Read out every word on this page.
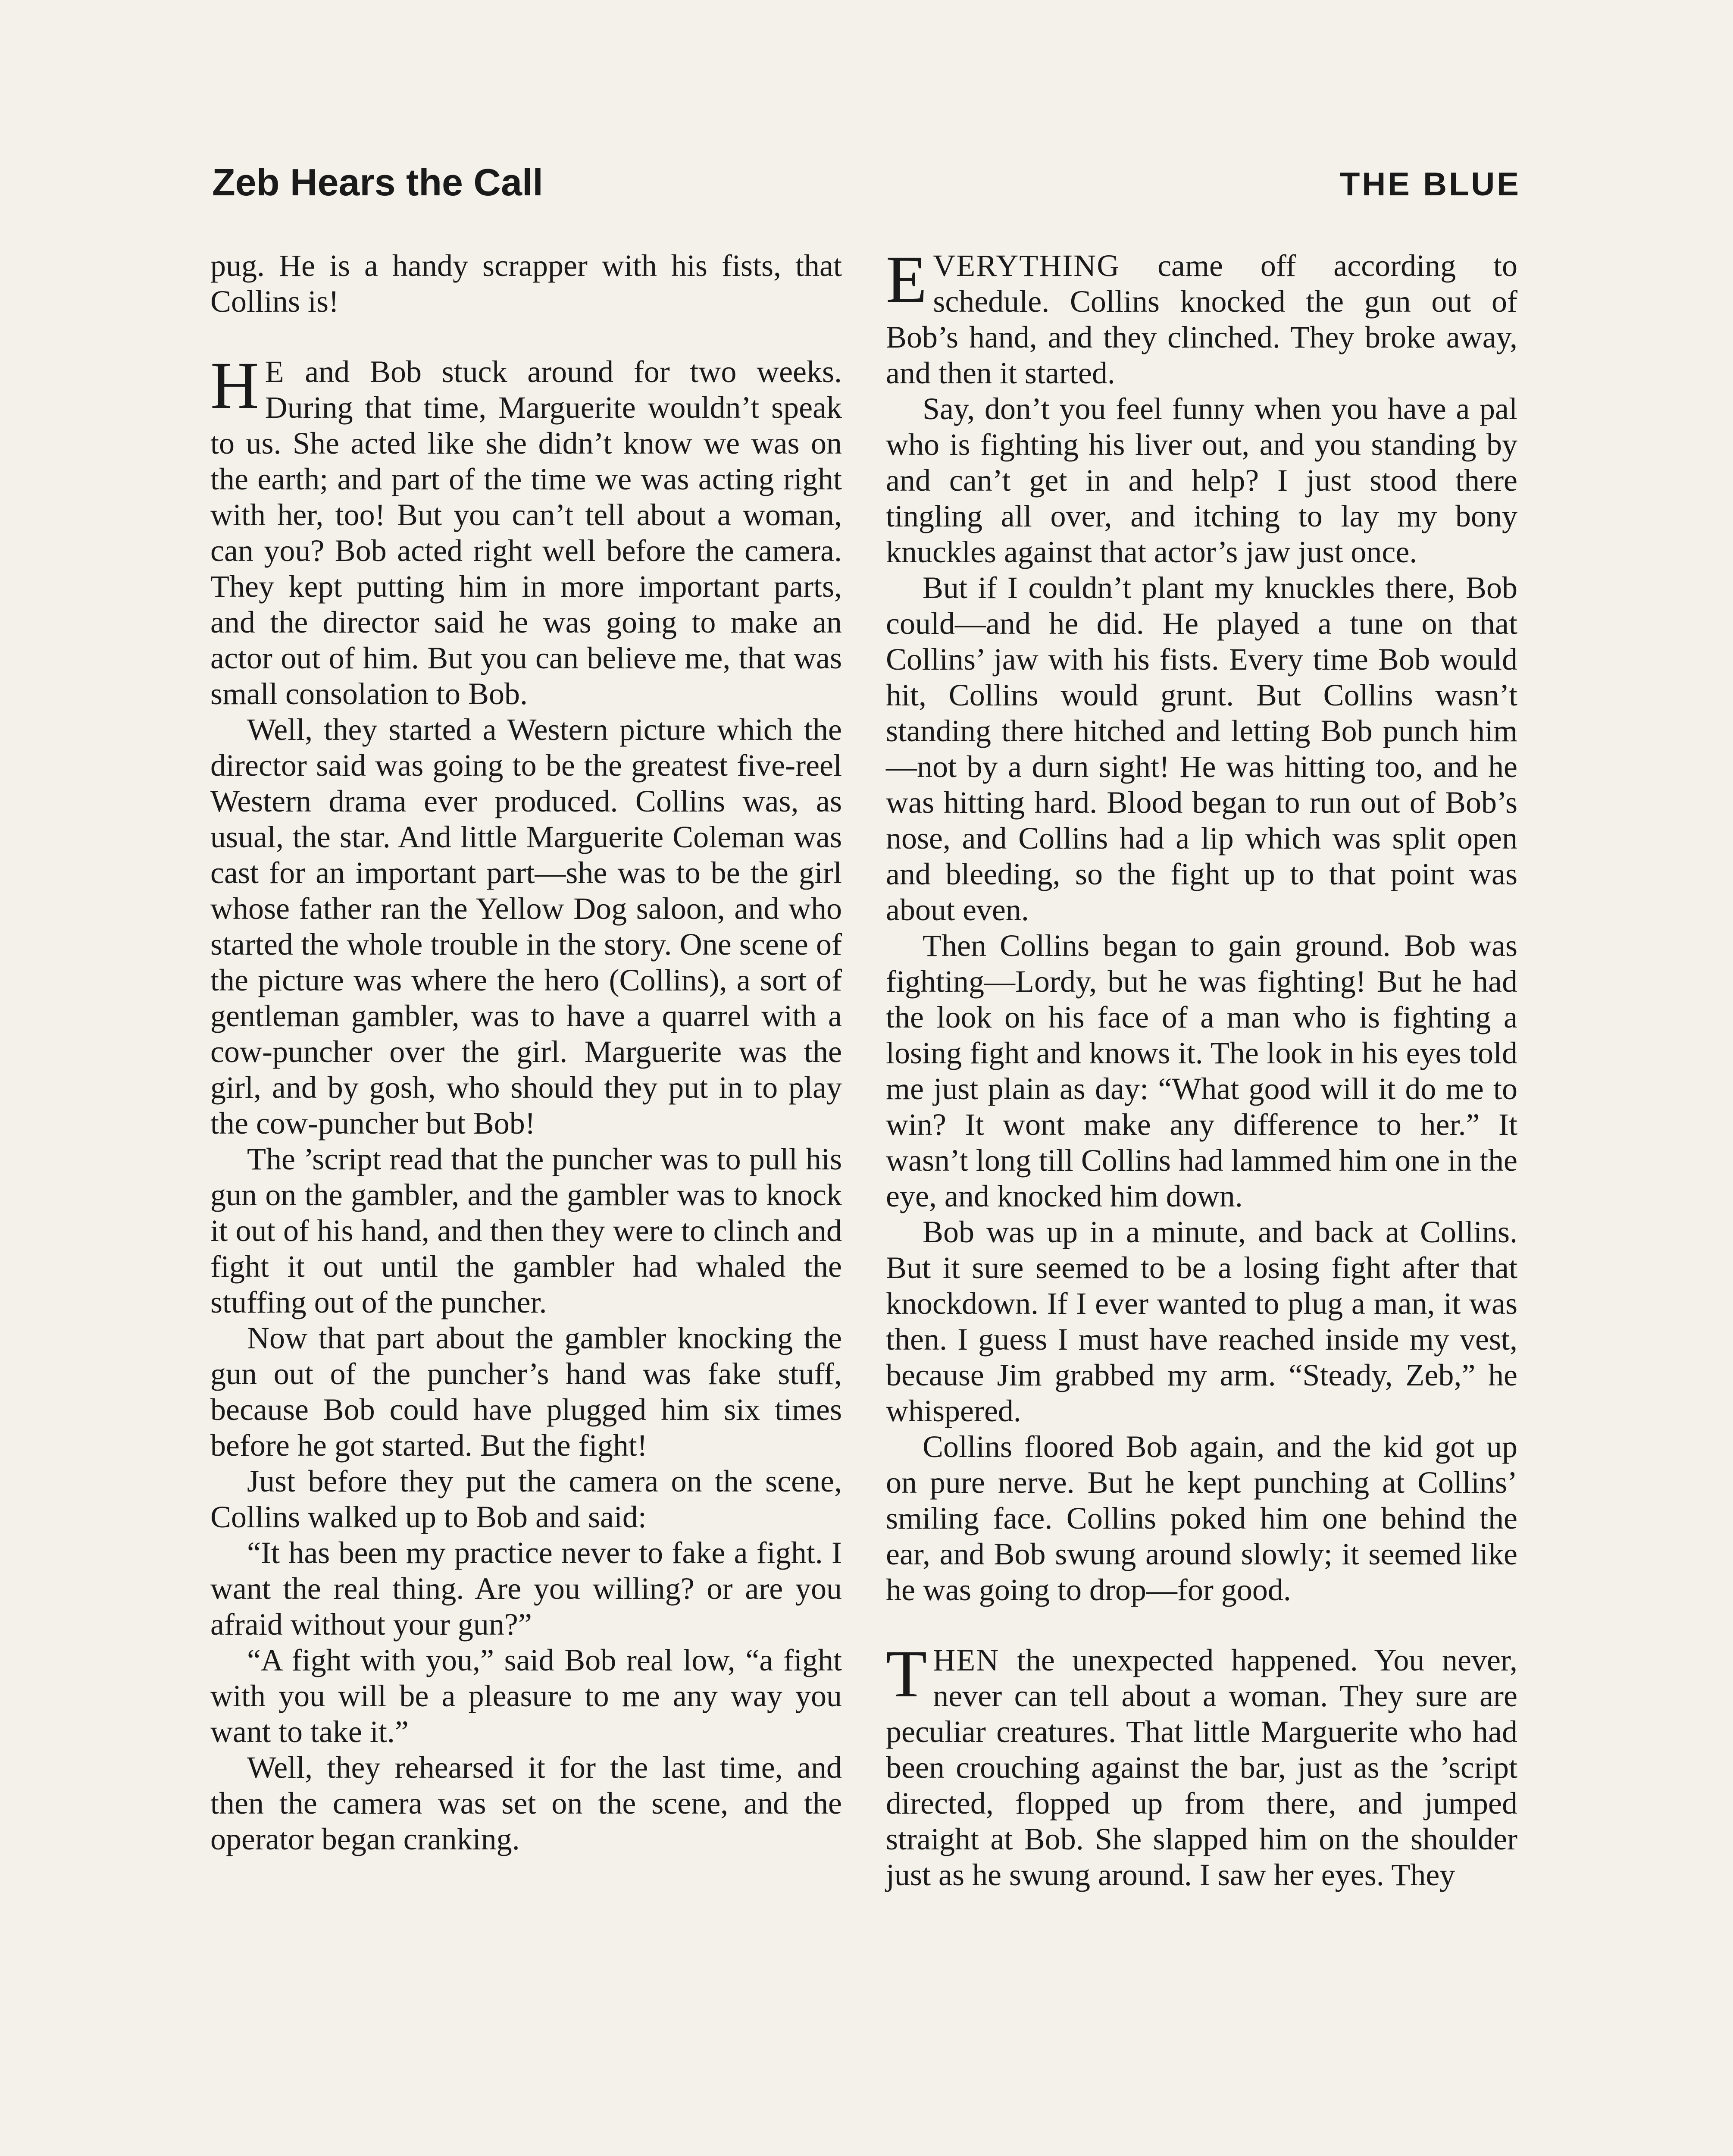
Zeb Hears the Call	THE BLUE

pug. He is a handy scrapper with his fists, that Collins is!

H E and Bob stuck around for two weeks. During that time, Marguerite wouldn’t speak to us. She acted like she didn’t know we was on the earth; and part of the time we was acting right with her, too! But you can’t tell about a woman, can you? Bob acted right well before the camera. They kept putting him in more important parts, and the director said he was going to make an actor out of him. But you can believe me, that was small consolation to Bob.

Well, they started a Western picture which the director said was going to be the greatest five-reel Western drama ever produced. Collins was, as usual, the star. And little Marguerite Coleman was cast for an important part—she was to be the girl whose father ran the Yellow Dog saloon, and who started the whole trouble in the story. One scene of the picture was where the hero (Collins), a sort of gentleman gambler, was to have a quarrel with a cow-puncher over the girl. Marguerite was the girl, and by gosh, who should they put in to play the cow-puncher but Bob!

The ’script read that the puncher was to pull his gun on the gambler, and the gambler was to knock it out of his hand, and then they were to clinch and fight it out until the gambler had whaled the stuffing out of the puncher.

Now that part about the gambler knocking the gun out of the puncher’s hand was fake stuff, because Bob could have plugged him six times before he got started. But the fight!

Just before they put the camera on the scene, Collins walked up to Bob and said:

“It has been my practice never to fake a fight. I want the real thing. Are you willing? or are you afraid without your gun?”

“A fight with you,” said Bob real low, “a fight with you will be a pleasure to me any way you want to take it.”

Well, they rehearsed it for the last time, and then the camera was set on the scene, and the operator began cranking.

EVERYTHING came off according to schedule. Collins knocked the gun out of Bob’s hand, and they clinched. They broke away, and then it started.

Say, don’t you feel funny when you have a pal who is fighting his liver out, and you standing by and can’t get in and help? I just stood there tingling all over, and itching to lay my bony knuckles against that actor’s jaw just once.

But if I couldn’t plant my knuckles there, Bob could—and he did. He played a tune on that Collins’ jaw with his fists. Every time Bob would hit, Collins would grunt. But Collins wasn’t standing there hitched and letting Bob punch him—not by a durn sight! He was hitting too, and he was hitting hard. Blood began to run out of Bob’s nose, and Collins had a lip which was split open and bleeding, so the fight up to that point was about even.

Then Collins began to gain ground. Bob was fighting—Lordy, but he was fighting! But he had the look on his face of a man who is fighting a losing fight and knows it. The look in his eyes told me just plain as day: “What good will it do me to win? It wont make any difference to her.” It wasn’t long till Collins had lammed him one in the eye, and knocked him down.

Bob was up in a minute, and back at Collins. But it sure seemed to be a losing fight after that knockdown. If I ever wanted to plug a man, it was then. I guess I must have reached inside my vest, because Jim grabbed my arm. “Steady, Zeb,” he whispered.

Collins floored Bob again, and the kid got up on pure nerve. But he kept punching at Collins’ smiling face. Collins poked him one behind the ear, and Bob swung around slowly; it seemed like he was going to drop—for good.

THEN the unexpected happened. You never, never can tell about a woman. They sure are peculiar creatures. That little Marguerite who had been crouching against the bar, just as the ’script directed, flopped up from there, and jumped straight at Bob. She slapped him on the shoulder just as he swung around. I saw her eyes. They
